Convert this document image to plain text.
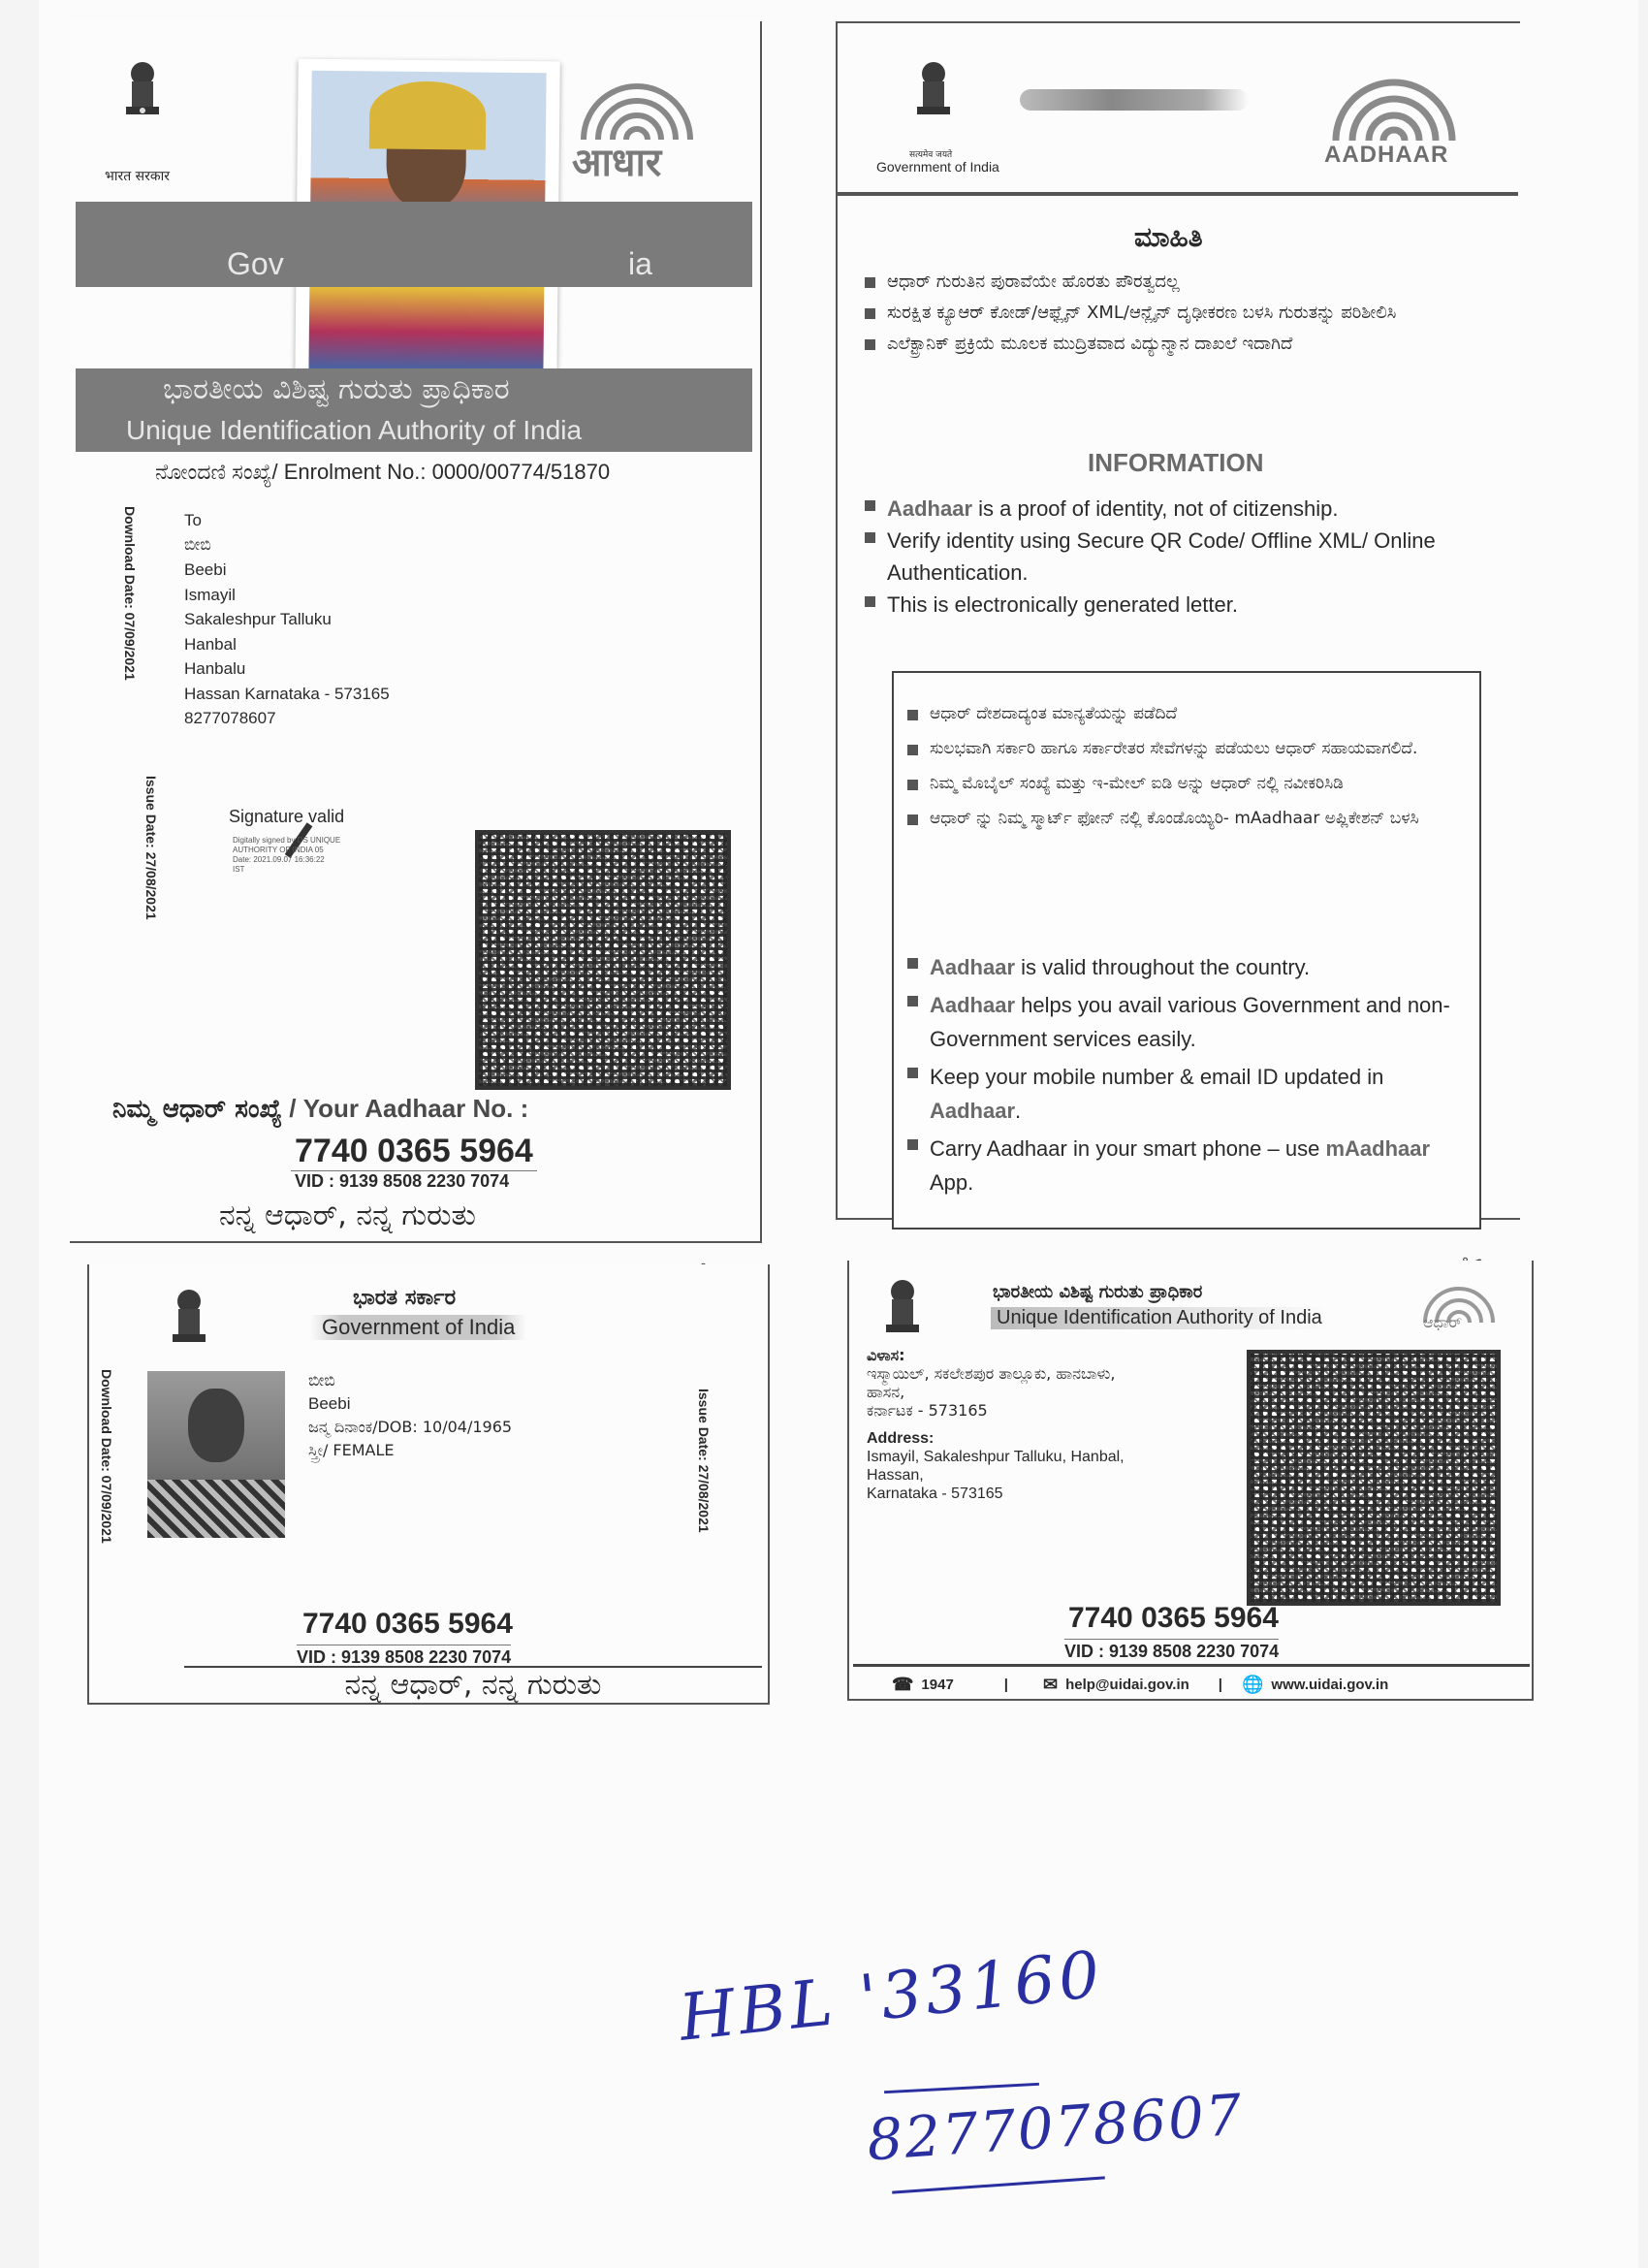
भारत सरकार	आधार
Gov	ia
ಭಾರತೀಯ ವಿಶಿಷ್ಟ ಗುರುತು ಪ್ರಾಧಿಕಾರ
Unique Identification Authority of India
ನೋಂದಣಿ ಸಂಖ್ಯೆ/ Enrolment No.: 0000/00774/51870
Download Date: 07/09/2021
Issue Date: 27/08/2021
To
ಬೀಬಿ
Beebi
Ismayil
Sakaleshpur Talluku
Hanbal
Hanbalu
Hassan Karnataka - 573165
8277078607
Signature valid
Digitally signed by DS UNIQUE
AUTHORITY OF INDIA 05
Date: 2021.09.07 16:36:22
IST
ನಿಮ್ಮ ಆಧಾರ್ ಸಂಖ್ಯೆ / Your Aadhaar No. :
7740 0365 5964
VID : 9139 8508 2230 7074
ನನ್ನ ಆಧಾರ್, ನನ್ನ ಗುರುತು
ಭಾರತ ಸರ್ಕಾರ
Government of India
Download Date: 07/09/2021	Issue Date: 27/08/2021
ಬೀಬಿ
Beebi
ಜನ್ಮ ದಿನಾಂಕ/DOB: 10/04/1965
ಸ್ತ್ರೀ/ FEMALE
7740 0365 5964
VID : 9139 8508 2230 7074
ನನ್ನ ಆಧಾರ್, ನನ್ನ ಗುರುತು
सत्यमेव जयते
Government of India	AADHAAR
ಮಾಹಿತಿ
ಆಧಾರ್ ಗುರುತಿನ ಪುರಾವೆಯೇ ಹೊರತು ಪೌರತ್ವದಲ್ಲ
ಸುರಕ್ಷಿತ ಕ್ಯೂಆರ್ ಕೋಡ್/ಆಫ್ಲೈನ್ XML/ಆನ್ಲೈನ್ ದೃಢೀಕರಣ ಬಳಸಿ ಗುರುತನ್ನು ಪರಿಶೀಲಿಸಿ
ಎಲೆಕ್ಟ್ರಾನಿಕ್ ಪ್ರಕ್ರಿಯೆ ಮೂಲಕ ಮುದ್ರಿತವಾದ ವಿದ್ಯುನ್ಮಾನ ದಾಖಲೆ ಇದಾಗಿದೆ
INFORMATION
Aadhaar is a proof of identity, not of citizenship.
Verify identity using Secure QR Code/ Offline XML/ Online Authentication.
This is electronically generated letter.
ಆಧಾರ್ ದೇಶದಾದ್ಯಂತ ಮಾನ್ಯತೆಯನ್ನು ಪಡೆದಿದೆ
ಸುಲಭವಾಗಿ ಸರ್ಕಾರಿ ಹಾಗೂ ಸರ್ಕಾರೇತರ ಸೇವೆಗಳನ್ನು ಪಡೆಯಲು ಆಧಾರ್ ಸಹಾಯವಾಗಲಿದೆ.
ನಿಮ್ಮ ಮೊಬೈಲ್ ಸಂಖ್ಯೆ ಮತ್ತು ಇ-ಮೇಲ್ ಐಡಿ ಅನ್ನು ಆಧಾರ್ ನಲ್ಲಿ ನವೀಕರಿಸಿಡಿ
ಆಧಾರ್ ನ್ನು ನಿಮ್ಮ ಸ್ಮಾರ್ಟ್ ಫೋನ್ ನಲ್ಲಿ ಕೊಂಡೊಯ್ಯಿರಿ- mAadhaar ಅಪ್ಲಿಕೇಶನ್ ಬಳಸಿ
Aadhaar is valid throughout the country.
Aadhaar helps you avail various Government and non-Government services easily.
Keep your mobile number & email ID updated in Aadhaar.
Carry Aadhaar in your smart phone – use mAadhaar App.
ಭಾರತೀಯ ವಿಶಿಷ್ಟ ಗುರುತು ಪ್ರಾಧಿಕಾರ
Unique Identification Authority of India	ಆಧಾರ್
ವಿಳಾಸ:
ಇಸ್ಮಾಯಿಲ್, ಸಕಲೇಶಪುರ ತಾಲ್ಲೂಕು, ಹಾನಬಾಳು,
ಹಾಸನ,
ಕರ್ನಾಟಕ - 573165
Address:
Ismayil, Sakaleshpur Talluku, Hanbal,
Hassan,
Karnataka - 573165
7740 0365 5964
VID : 9139 8508 2230 7074
☎ 1947	| ✉ help@uidai.gov.in | 🌐 www.uidai.gov.in
HBL '33160
8277078607
